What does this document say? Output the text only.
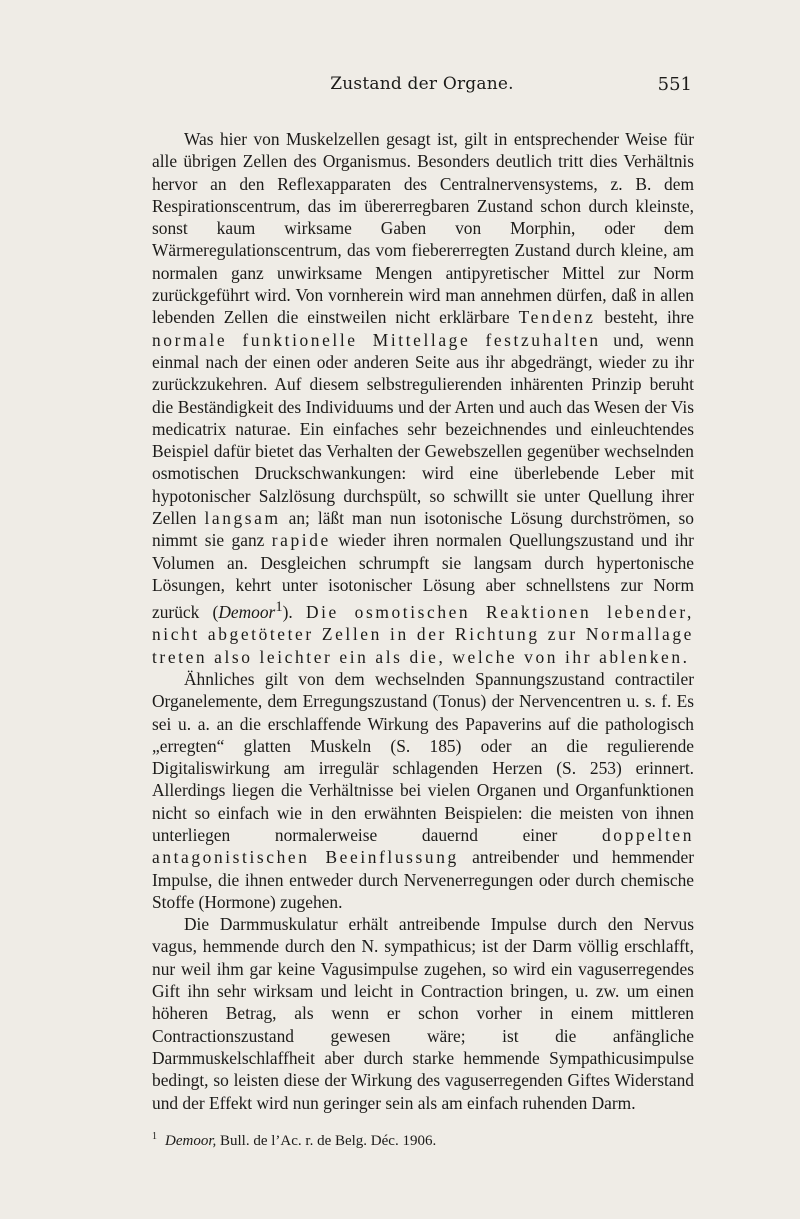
Zustand der Organe.	551

Was hier von Muskelzellen gesagt ist, gilt in entsprechender Weise für alle übrigen Zellen des Organismus. Besonders deutlich tritt dies Verhältnis hervor an den Reflexapparaten des Centralnervensystems, z. B. dem Respirationscentrum, das im übererregbaren Zustand schon durch kleinste, sonst kaum wirksame Gaben von Morphin, oder dem Wärmeregulationscentrum, das vom fiebererregten Zustand durch kleine, am normalen ganz unwirksame Mengen antipyretischer Mittel zur Norm zurückgeführt wird. Von vornherein wird man annehmen dürfen, daß in allen lebenden Zellen die einstweilen nicht erklärbare Tendenz besteht, ihre normale funktionelle Mittellage festzuhalten und, wenn einmal nach der einen oder anderen Seite aus ihr abgedrängt, wieder zu ihr zurückzukehren. Auf diesem selbstregulierenden inhärenten Prinzip beruht die Beständigkeit des Individuums und der Arten und auch das Wesen der Vis medicatrix naturae. Ein einfaches sehr bezeichnendes und einleuchtendes Beispiel dafür bietet das Verhalten der Gewebszellen gegenüber wechselnden osmotischen Druckschwankungen: wird eine überlebende Leber mit hypotonischer Salzlösung durchspült, so schwillt sie unter Quellung ihrer Zellen langsam an; läßt man nun isotonische Lösung durchströmen, so nimmt sie ganz rapide wieder ihren normalen Quellungszustand und ihr Volumen an. Desgleichen schrumpft sie langsam durch hypertonische Lösungen, kehrt unter isotonischer Lösung aber schnellstens zur Norm zurück (Demoor$^1$). Die osmotischen Reaktionen lebender, nicht abgetöteter Zellen in der Richtung zur Normallage treten also leichter ein als die, welche von ihr ablenken.

Ähnliches gilt von dem wechselnden Spannungszustand contractiler Organelemente, dem Erregungszustand (Tonus) der Nervencentren u. s. f. Es sei u. a. an die erschlaffende Wirkung des Papaverins auf die pathologisch „erregten“ glatten Muskeln (S. 185) oder an die regulierende Digitaliswirkung am irregulär schlagenden Herzen (S. 253) erinnert. Allerdings liegen die Verhältnisse bei vielen Organen und Organfunktionen nicht so einfach wie in den erwähnten Beispielen: die meisten von ihnen unterliegen normalerweise dauernd einer	doppelten antagonistischen Beeinflussung antreibender und hemmender Impulse, die ihnen entweder durch Nervenerregungen oder durch chemische Stoffe (Hormone) zugehen.

Die Darmmuskulatur erhält antreibende Impulse durch den Nervus vagus, hemmende durch den N. sympathicus; ist der Darm völlig erschlafft, nur weil ihm gar keine Vagusimpulse zugehen, so wird ein vaguserregendes Gift ihn sehr wirksam und leicht in Contraction bringen, u. zw. um einen höheren Betrag, als wenn er schon vorher in einem mittleren Contractionszustand gewesen wäre; ist die anfängliche Darmmuskelschlaffheit aber durch starke hemmende Sympathicusimpulse bedingt, so leisten diese der Wirkung des vaguserregenden Giftes Widerstand und der Effekt wird nun geringer sein als am einfach ruhenden Darm.

$^1$ Demoor, Bull. de l’Ac. r. de Belg. Déc. 1906.
